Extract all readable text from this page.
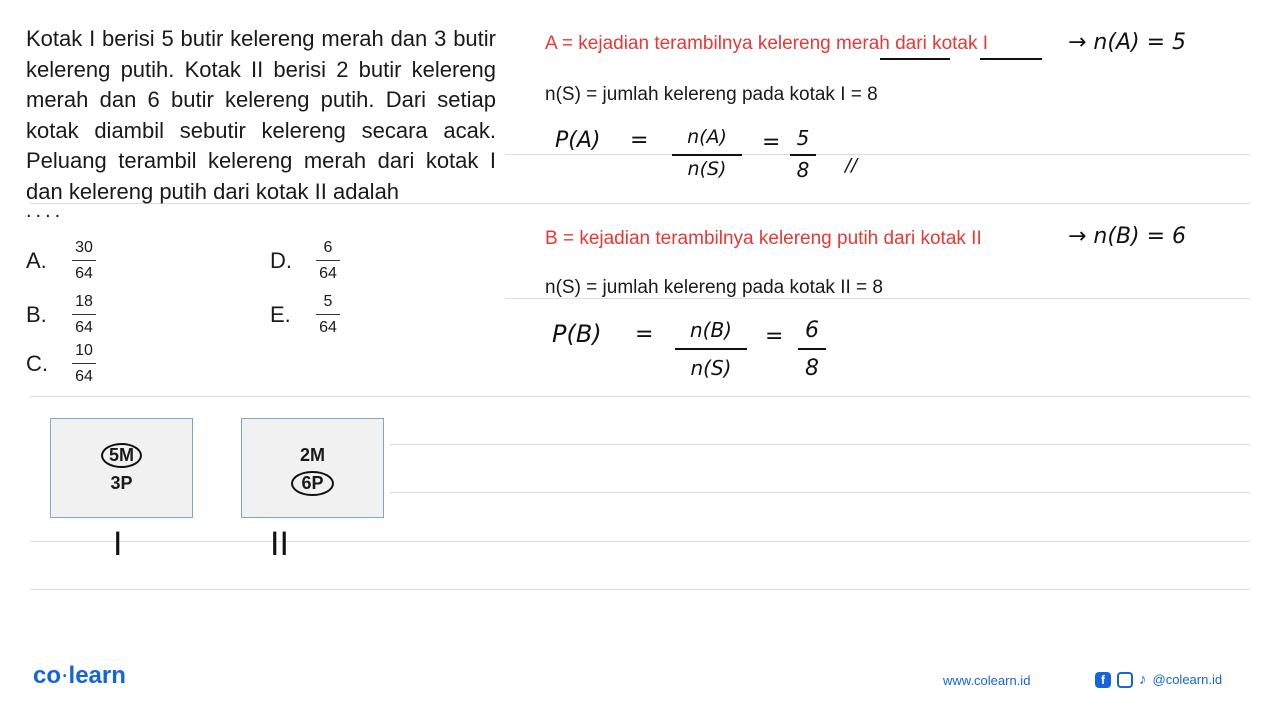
Kotak I berisi 5 butir kelereng merah dan 3 butir kelereng putih. Kotak II berisi 2 butir kelereng merah dan 6 butir kelereng putih. Dari setiap kotak diambil sebutir kelereng secara acak. Peluang terambil kelereng merah dari kotak I dan kelereng putih dari kotak II adalah
....
A.	$\frac{30}{64}$
B.	$\frac{18}{64}$
C.	$\frac{10}{64}$
D.	$\frac{6}{64}$
E.	$\frac{5}{64}$
5M
3P
2M
6P
I	II
A = kejadian terambilnya kelereng merah dari kotak I	→ n(A) = 5
n(S) = jumlah kelereng pada kotak I = 8
P(A) =	n(A)
n(S)
= 5
8 //
B = kejadian terambilnya kelereng putih dari kotak II	→ n(B) = 6
n(S) = jumlah kelereng pada kotak II = 8
P(B) =	n(B)
n(S)
= 6
8
co •learn	www.colearn.id	f	♪ @colearn.id
